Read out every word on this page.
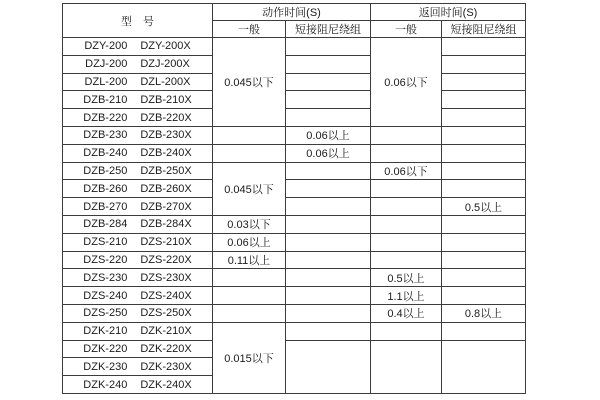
型　号	动作时间(S)		返回时间(S)	
	一般	短接阻尼绕组	一般	短接阻尼绕组
DZY-200 DZY-200X	0.045以下		0.06以下	
DZJ-200 DZJ-200X				
DZL-200 DZL-200X				
DZB-210 DZB-210X				
DZB-220 DZB-220X				
DZB-230 DZB-230X		0.06以上		
DZB-240 DZB-240X		0.06以上		
DZB-250 DZB-250X	0.045以下		0.06以下	
DZB-260 DZB-260X				
DZB-270 DZB-270X				0.5以上
DZB-284 DZB-284X	0.03以下			
DZS-210 DZS-210X	0.06以上			
DZS-220 DZS-220X	0.11以上			
DZS-230 DZS-230X			0.5以上	
DZS-240 DZS-240X			1.1以上	
DZS-250 DZS-250X			0.4以上	0.8以上
DZK-210 DZK-210X	0.015以下			
DZK-220 DZK-220X				
DZK-230 DZK-230X				
DZK-240 DZK-240X				
